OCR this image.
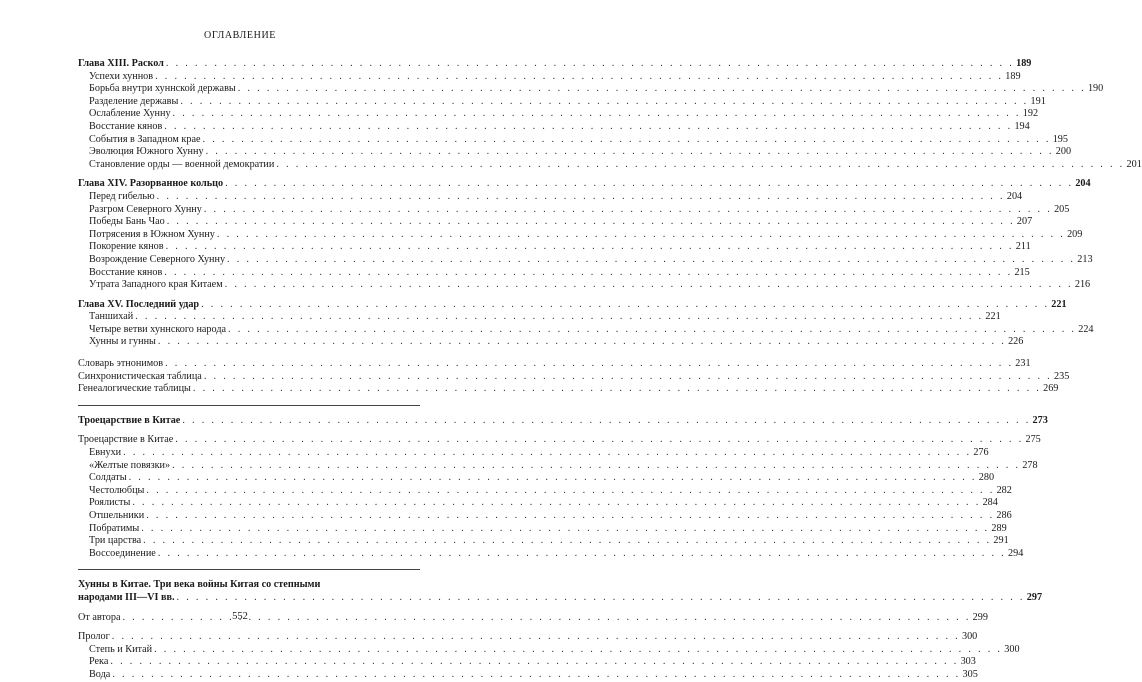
ОГЛАВЛЕНИЕ
Глава XIII. Раскол . . .	189
Успехи хуннов . . .	189
Борьба внутри хуннской державы . . .	190
Разделение державы . . .	191
Ослабление Хунну . . .	192
Восстание кянов . . .	194
События в Западном крае . . .	195
Эволюция Южного Хунну . . .	200
Становление орды — военной демократии . . .	201
Глава XIV. Разорванное кольцо . . .	204
Перед гибелью . . .	204
Разгром Северного Хунну . . .	205
Победы Бань Чао . . .	207
Потрясения в Южном Хунну . . .	209
Покорение кянов . . .	211
Возрождение Северного Хунну . . .	213
Восстание кянов . . .	215
Утрата Западного края Китаем . . .	216
Глава XV. Последний удар . . .	221
Таншихай . . .	221
Четыре ветви хуннского народа . . .	224
Хунны и гунны . . .	226
Словарь этнонимов . . .	231
Синхронистическая таблица . . .	235
Генеалогические таблицы . . .	269
Троецарствие в Китае . . .	273
Троецарствие в Китае . . .	275
Евнухи . . .	276
«Желтые повязки» . . .	278
Солдаты . . .	280
Честолюбцы . . .	282
Роялисты . . .	284
Отшельники . . .	286
Побратимы . . .	289
Три царства . . .	291
Воссоединение . . .	294
Хунны в Китае. Три века войны Китая со степными
народами III—VI вв. . . .	297
От автора . . .	299
Пролог . . .	300
Степь и Китай . . .	300
Река . . .	303
Вода . . .	305
552
